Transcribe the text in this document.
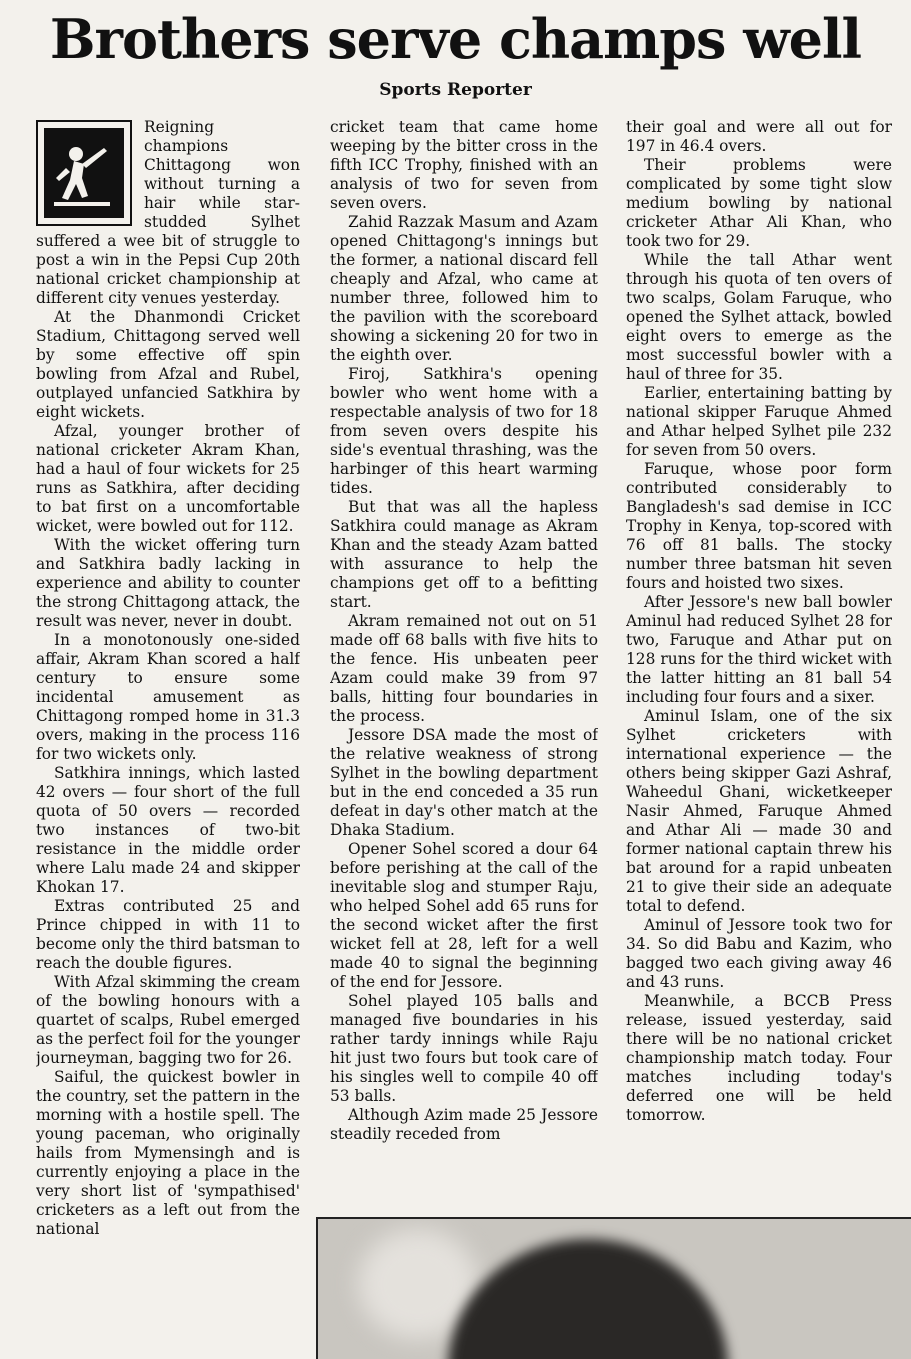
Brothers serve champs well
Sports Reporter

Reigning champions Chittagong won without turning a hair while star-studded Sylhet suffered a wee bit of struggle to post a win in the Pepsi Cup 20th national cricket championship at different city venues yesterday.

At the Dhanmondi Cricket Stadium, Chittagong served well by some effective off spin bowling from Afzal and Rubel, outplayed unfancied Satkhira by eight wickets.

Afzal, younger brother of national cricketer Akram Khan, had a haul of four wickets for 25 runs as Satkhira, after deciding to bat first on a uncomfortable wicket, were bowled out for 112.

With the wicket offering turn and Satkhira badly lacking in experience and ability to counter the strong Chittagong attack, the result was never, never in doubt.

In a monotonously one-sided affair, Akram Khan scored a half century to ensure some incidental amusement as Chittagong romped home in 31.3 overs, making in the process 116 for two wickets only.

Satkhira innings, which lasted 42 overs — four short of the full quota of 50 overs — recorded two instances of two-bit resistance in the middle order where Lalu made 24 and skipper Khokan 17.

Extras contributed 25 and Prince chipped in with 11 to become only the third batsman to reach the double figures.

With Afzal skimming the cream of the bowling honours with a quartet of scalps, Rubel emerged as the perfect foil for the younger journeyman, bagging two for 26.

Saiful, the quickest bowler in the country, set the pattern in the morning with a hostile spell. The young paceman, who originally hails from Mymensingh and is currently enjoying a place in the very short list of 'sympathised' cricketers as a left out from the national

cricket team that came home weeping by the bitter cross in the fifth ICC Trophy, finished with an analysis of two for seven from seven overs.

Zahid Razzak Masum and Azam opened Chittagong's innings but the former, a national discard fell cheaply and Afzal, who came at number three, followed him to the pavilion with the scoreboard showing a sickening 20 for two in the eighth over.

Firoj, Satkhira's opening bowler who went home with a respectable analysis of two for 18 from seven overs despite his side's eventual thrashing, was the harbinger of this heart warming tides.

But that was all the hapless Satkhira could manage as Akram Khan and the steady Azam batted with assurance to help the champions get off to a befitting start.

Akram remained not out on 51 made off 68 balls with five hits to the fence. His unbeaten peer Azam could make 39 from 97 balls, hitting four boundaries in the process.

Jessore DSA made the most of the relative weakness of strong Sylhet in the bowling department but in the end conceded a 35 run defeat in day's other match at the Dhaka Stadium.

Opener Sohel scored a dour 64 before perishing at the call of the inevitable slog and stumper Raju, who helped Sohel add 65 runs for the second wicket after the first wicket fell at 28, left for a well made 40 to signal the beginning of the end for Jessore.

Sohel played 105 balls and managed five boundaries in his rather tardy innings while Raju hit just two fours but took care of his singles well to compile 40 off 53 balls.

Although Azim made 25 Jessore steadily receded from

their goal and were all out for 197 in 46.4 overs.

Their problems were complicated by some tight slow medium bowling by national cricketer Athar Ali Khan, who took two for 29.

While the tall Athar went through his quota of ten overs of two scalps, Golam Faruque, who opened the Sylhet attack, bowled eight overs to emerge as the most successful bowler with a haul of three for 35.

Earlier, entertaining batting by national skipper Faruque Ahmed and Athar helped Sylhet pile 232 for seven from 50 overs.

Faruque, whose poor form contributed considerably to Bangladesh's sad demise in ICC Trophy in Kenya, top-scored with 76 off 81 balls. The stocky number three batsman hit seven fours and hoisted two sixes.

After Jessore's new ball bowler Aminul had reduced Sylhet 28 for two, Faruque and Athar put on 128 runs for the third wicket with the latter hitting an 81 ball 54 including four fours and a sixer.

Aminul Islam, one of the six Sylhet cricketers with international experience — the others being skipper Gazi Ashraf, Waheedul Ghani, wicketkeeper Nasir Ahmed, Faruque Ahmed and Athar Ali — made 30 and former national captain threw his bat around for a rapid unbeaten 21 to give their side an adequate total to defend.

Aminul of Jessore took two for 34. So did Babu and Kazim, who bagged two each giving away 46 and 43 runs.

Meanwhile, a BCCB Press release, issued yesterday, said there will be no national cricket championship match today. Four matches including today's deferred one will be held tomorrow.
